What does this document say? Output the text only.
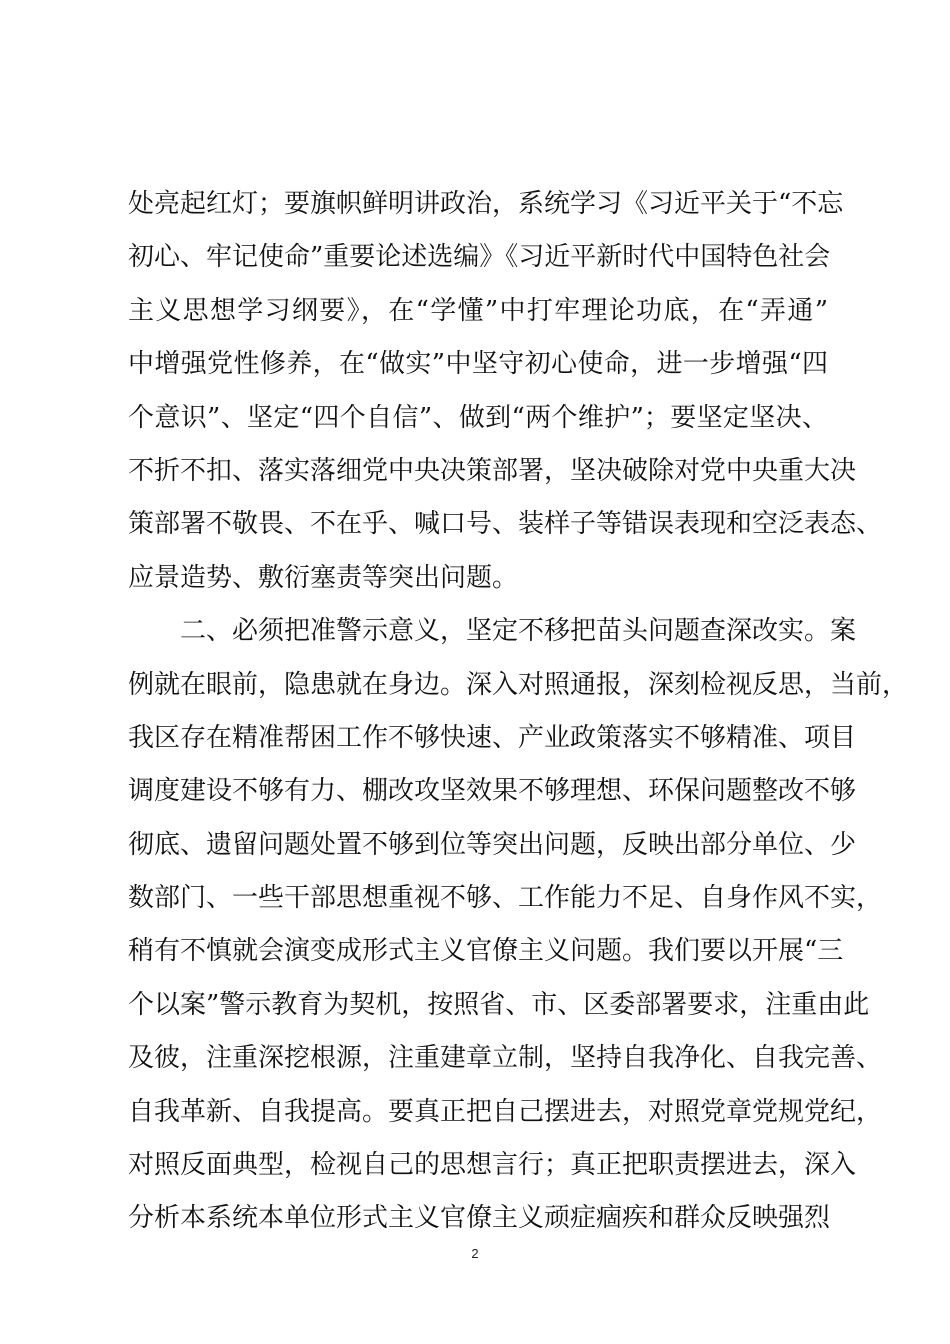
处亮起红灯；要旗帜鲜明讲政治，系统学习《习近平关于“不忘
初心、牢记使命”重要论述选编》《习近平新时代中国特色社会
主义思想学习纲要》，在“学懂”中打牢理论功底，在“弄通”
中增强党性修养，在“做实”中坚守初心使命，进一步增强“四
个意识”、坚定“四个自信”、做到“两个维护”；要坚定坚决、
不折不扣、落实落细党中央决策部署，坚决破除对党中央重大决
策部署不敬畏、不在乎、喊口号、装样子等错误表现和空泛表态、
应景造势、敷衍塞责等突出问题。
二、必须把准警示意义，坚定不移把苗头问题查深改实。案
例就在眼前，隐患就在身边。深入对照通报，深刻检视反思，当前，
我区存在精准帮困工作不够快速、产业政策落实不够精准、项目
调度建设不够有力、棚改攻坚效果不够理想、环保问题整改不够
彻底、遗留问题处置不够到位等突出问题，反映出部分单位、少
数部门、一些干部思想重视不够、工作能力不足、自身作风不实，
稍有不慎就会演变成形式主义官僚主义问题。我们要以开展“三
个以案”警示教育为契机，按照省、市、区委部署要求，注重由此
及彼，注重深挖根源，注重建章立制，坚持自我净化、自我完善、
自我革新、自我提高。要真正把自己摆进去，对照党章党规党纪，
对照反面典型，检视自己的思想言行；真正把职责摆进去，深入
分析本系统本单位形式主义官僚主义顽症痼疾和群众反映强烈
2
